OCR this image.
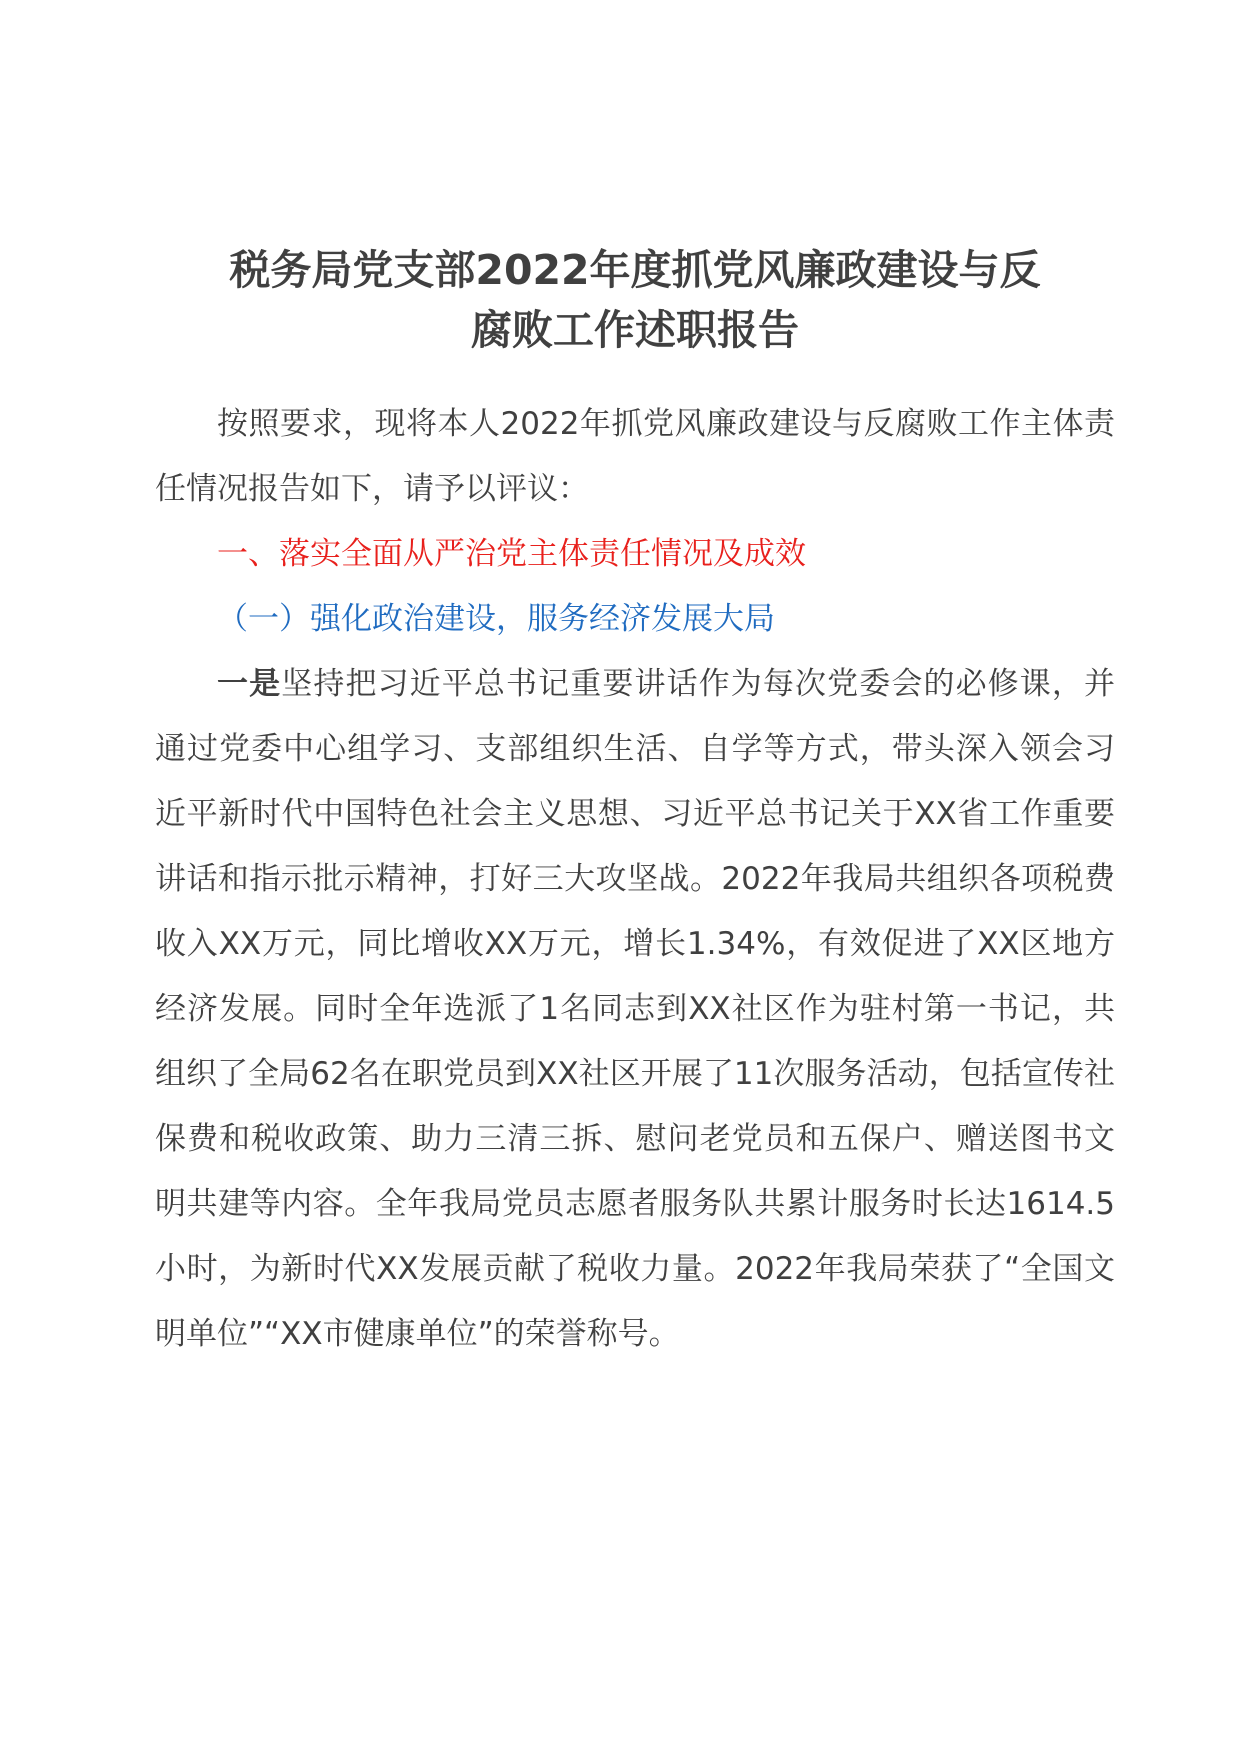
税务局党支部2022年度抓党风廉政建设与反
腐败工作述职报告

按照要求，现将本人2022年抓党风廉政建设与反腐败工作主体责任情况报告如下，请予以评议：

一、落实全面从严治党主体责任情况及成效

（一）强化政治建设，服务经济发展大局

一是坚持把习近平总书记重要讲话作为每次党委会的必修课，并通过党委中心组学习、支部组织生活、自学等方式，带头深入领会习近平新时代中国特色社会主义思想、习近平总书记关于XX省工作重要讲话和指示批示精神，打好三大攻坚战。2022年我局共组织各项税费收入XX万元，同比增收XX万元，增长1.34%，有效促进了XX区地方经济发展。同时全年选派了1名同志到XX社区作为驻村第一书记，共组织了全局62名在职党员到XX社区开展了11次服务活动，包括宣传社保费和税收政策、助力三清三拆、慰问老党员和五保户、赠送图书文明共建等内容。全年我局党员志愿者服务队共累计服务时长达1614.5小时，为新时代XX发展贡献了税收力量。2022年我局荣获了“全国文明单位”“XX市健康单位”的荣誉称号。
